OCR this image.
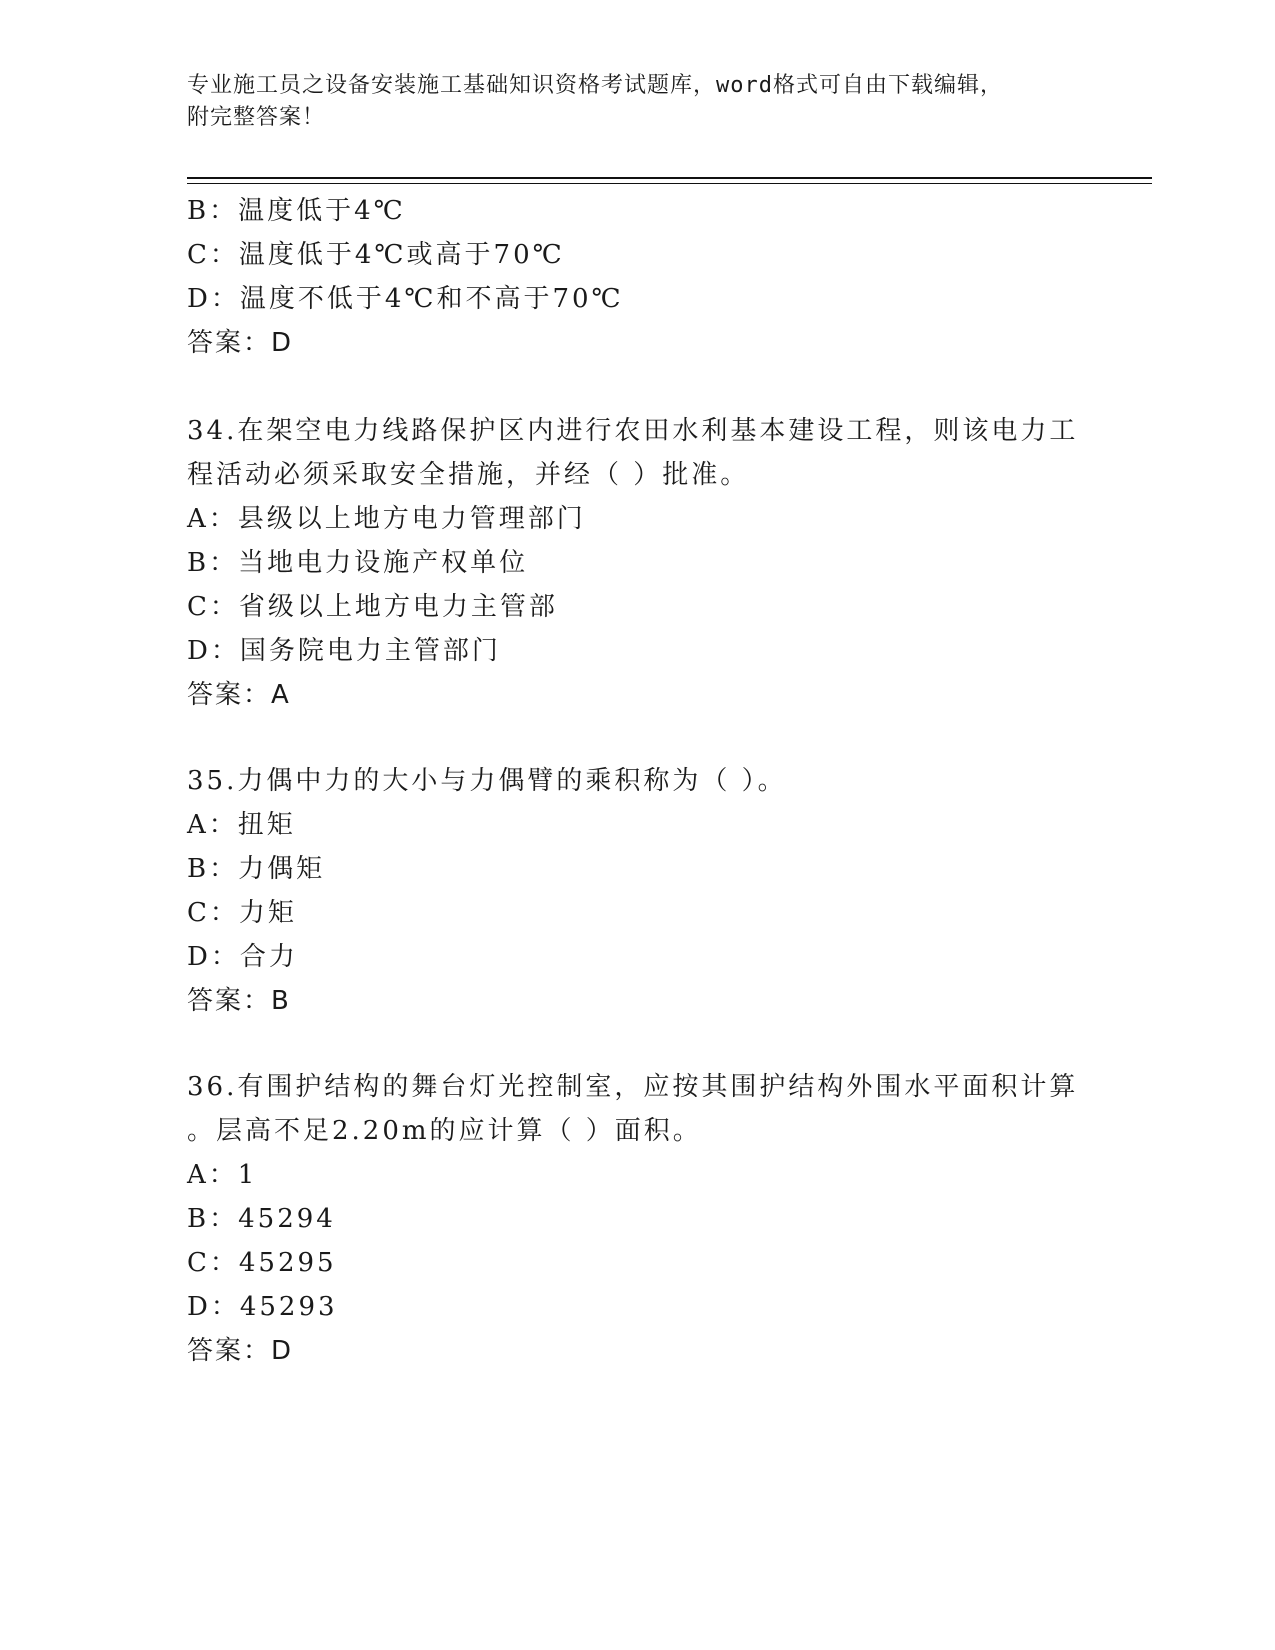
专业施工员之设备安装施工基础知识资格考试题库，word格式可自由下载编辑，
附完整答案！
B：温度低于4℃
C：温度低于4℃或高于70℃
D：温度不低于4℃和不高于70℃
答案：D
34.在架空电力线路保护区内进行农田水利基本建设工程，则该电力工
程活动必须采取安全措施，并经（ ）批准。
A：县级以上地方电力管理部门
B：当地电力设施产权单位
C：省级以上地方电力主管部
D：国务院电力主管部门
答案：A
35.力偶中力的大小与力偶臂的乘积称为（ ）。
A：扭矩
B：力偶矩
C：力矩
D：合力
答案：B
36.有围护结构的舞台灯光控制室，应按其围护结构外围水平面积计算
。层高不足2.20m的应计算（ ）面积。
A：1
B：45294
C：45295
D：45293
答案：D
